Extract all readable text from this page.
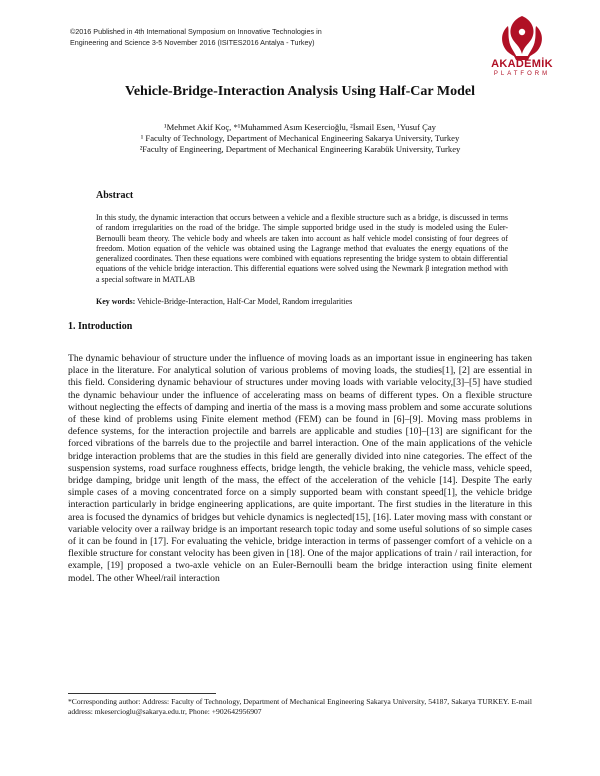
©2016 Published in 4th International Symposium on Innovative Technologies in
Engineering and Science 3-5 November 2016 (ISITES2016 Antalya - Turkey)
AKADEMİK
PLATFORM
Vehicle-Bridge-Interaction Analysis Using Half-Car Model
¹Mehmet Akif Koç, *¹Muhammed Asım Kesercioğlu, ²İsmail Esen, ¹Yusuf Çay
¹ Faculty of Technology, Department of Mechanical Engineering Sakarya University, Turkey
²Faculty of Engineering, Department of Mechanical Engineering Karabük University, Turkey
Abstract
In this study, the dynamic interaction that occurs between a vehicle and a flexible structure such as a bridge, is discussed in terms of random irregularities on the road of the bridge. The simple supported bridge used in the study is modeled using the Euler-Bernoulli beam theory. The vehicle body and wheels are taken into account as half vehicle model consisting of four degrees of freedom. Motion equation of the vehicle was obtained using the Lagrange method that evaluates the energy equations of the generalized coordinates. Then these equations were combined with equations representing the bridge system to obtain differential equations of the vehicle bridge interaction. This differential equations were solved using the Newmark β integration method with a special software in MATLAB
Key words: Vehicle-Bridge-Interaction, Half-Car Model, Random irregularities
1. Introduction
The dynamic behaviour of structure under the influence of moving loads as an important issue in engineering has taken place in the literature. For analytical solution of various problems of moving loads, the studies[1], [2] are essential in this field. Considering dynamic behaviour of structures under moving loads with variable velocity,[3]–[5] have studied the dynamic behaviour under the influence of accelerating mass on beams of different types. On a flexible structure without neglecting the effects of damping and inertia of the mass is a moving mass problem and some accurate solutions of these kind of problems using Finite element method (FEM) can be found in [6]–[9]. Moving mass problems in defence systems, for the interaction projectile and barrels are applicable and studies [10]–[13] are significant for the forced vibrations of the barrels due to the projectile and barrel interaction. One of the main applications of the vehicle bridge interaction problems that are the studies in this field are generally divided into nine categories. The effect of the suspension systems, road surface roughness effects, bridge length, the vehicle braking, the vehicle mass, vehicle speed, bridge damping, bridge unit length of the mass, the effect of the acceleration of the vehicle [14]. Despite The early simple cases of a moving concentrated force on a simply supported beam with constant speed[1], the vehicle bridge interaction particularly in bridge engineering applications, are quite important. The first studies in the literature in this area is focused the dynamics of bridges but vehicle dynamics is neglected[15], [16]. Later moving mass with constant or variable velocity over a railway bridge is an important research topic today and some useful solutions of so simple cases of it can be found in [17]. For evaluating the vehicle, bridge interaction in terms of passenger comfort of a vehicle on a flexible structure for constant velocity has been given in [18]. One of the major applications of train / rail interaction, for example, [19] proposed a two-axle vehicle on an Euler-Bernoulli beam the bridge interaction using finite element model. The other Wheel/rail interaction
*Corresponding author: Address: Faculty of Technology, Department of Mechanical Engineering Sakarya University, 54187, Sakarya TURKEY. E-mail address: mkesercioglu@sakarya.edu.tr, Phone: +902642956907
